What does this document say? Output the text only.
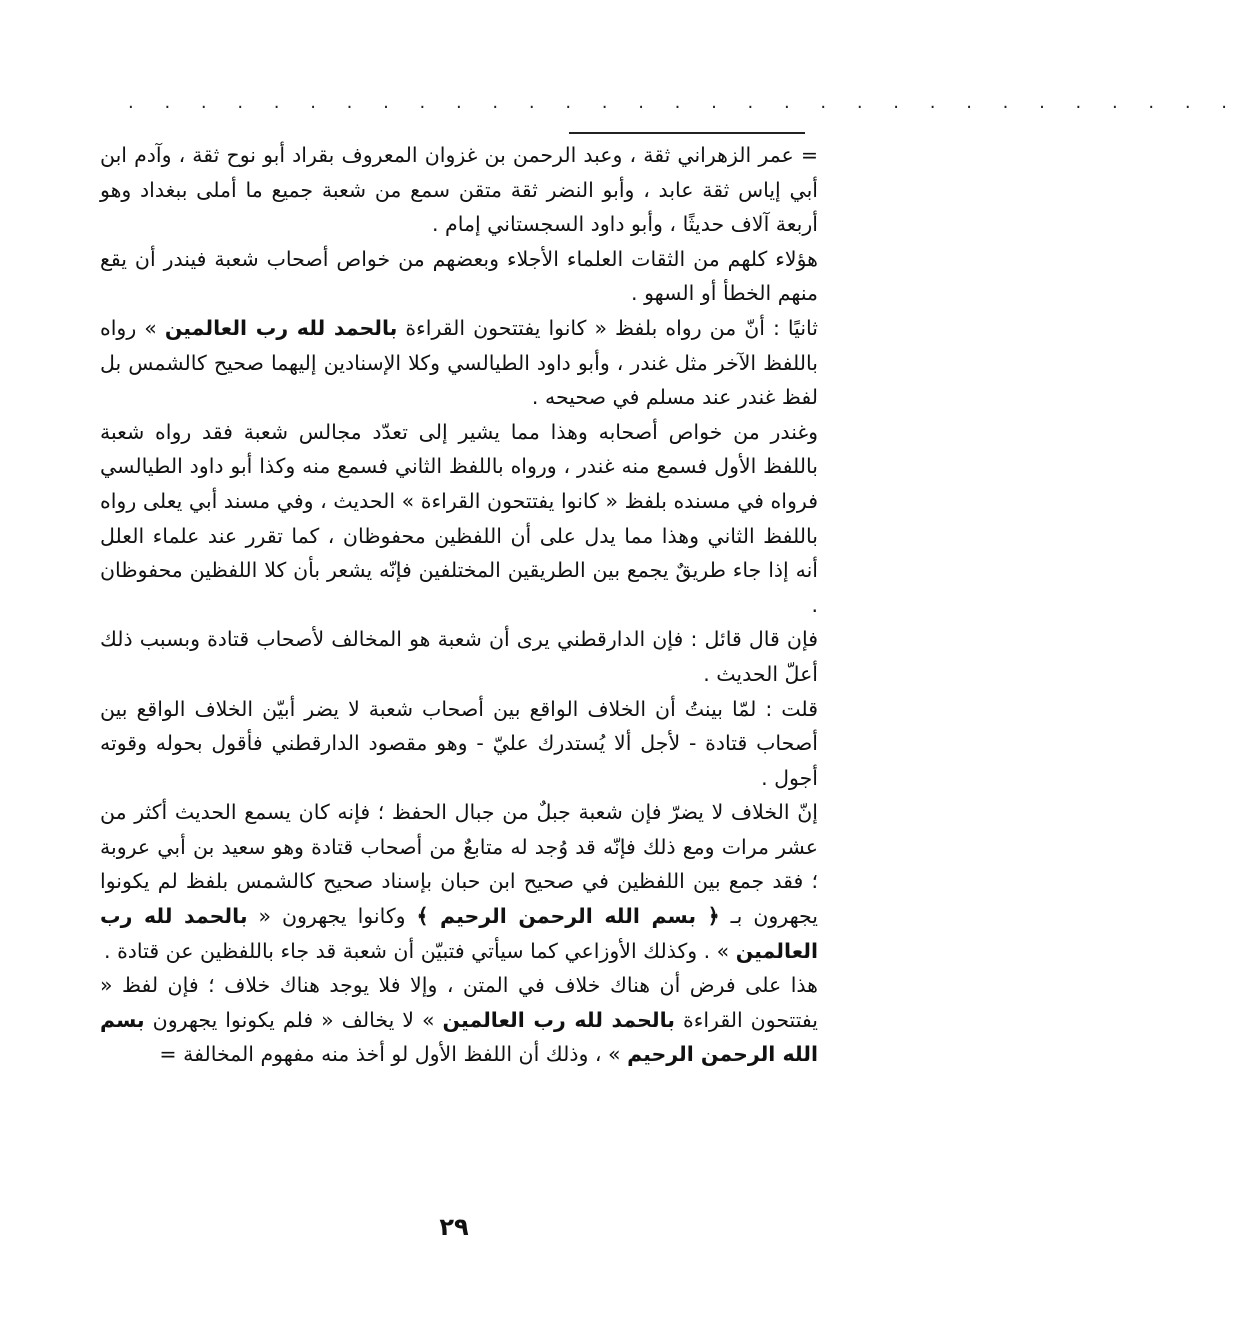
. . . . . . . . . . . . . . . . . . . . . . . . . . . . . . .

= عمر الزهراني ثقة ، وعبد الرحمن بن غزوان المعروف بقراد أبو نوح ثقة ، وآدم ابن أبي إياس ثقة عابد ، وأبو النضر ثقة متقن سمع من شعبة جميع ما أملى ببغداد وهو أربعة آلاف حديثًا ، وأبو داود السجستاني إمام .

هؤلاء كلهم من الثقات العلماء الأجلاء وبعضهم من خواص أصحاب شعبة فيندر أن يقع منهم الخطأ أو السهو .

ثانيًا : أنّ من رواه بلفظ « كانوا يفتتحون القراءة بالحمد لله رب العالمين » رواه باللفظ الآخر مثل غندر ، وأبو داود الطيالسي وكلا الإسنادين إليهما صحيح كالشمس بل لفظ غندر عند مسلم في صحيحه .

وغندر من خواص أصحابه وهذا مما يشير إلى تعدّد مجالس شعبة فقد رواه شعبة باللفظ الأول فسمع منه غندر ، ورواه باللفظ الثاني فسمع منه وكذا أبو داود الطيالسي فرواه في مسنده بلفظ « كانوا يفتتحون القراءة » الحديث ، وفي مسند أبي يعلى رواه باللفظ الثاني وهذا مما يدل على أن اللفظين محفوظان ، كما تقرر عند علماء العلل أنه إذا جاء طريقٌ يجمع بين الطريقين المختلفين فإنّه يشعر بأن كلا اللفظين محفوظان .

فإن قال قائل : فإن الدارقطني يرى أن شعبة هو المخالف لأصحاب قتادة وبسبب ذلك أعلّ الحديث .

قلت : لمّا بينتُ أن الخلاف الواقع بين أصحاب شعبة لا يضر أبيّن الخلاف الواقع بين أصحاب قتادة - لأجل ألا يُستدرك عليّ - وهو مقصود الدارقطني فأقول بحوله وقوته أجول .

إنّ الخلاف لا يضرّ فإن شعبة جبلٌ من جبال الحفظ ؛ فإنه كان يسمع الحديث أكثر من عشر مرات ومع ذلك فإنّه قد وُجد له متابعٌ من أصحاب قتادة وهو سعيد بن أبي عروبة ؛ فقد جمع بين اللفظين في صحيح ابن حبان بإسناد صحيح كالشمس بلفظ لم يكونوا يجهرون بـ ﴿ بسم الله الرحمن الرحيم ﴾ وكانوا يجهرون « بالحمد لله رب العالمين » . وكذلك الأوزاعي كما سيأتي فتبيّن أن شعبة قد جاء باللفظين عن قتادة .

هذا على فرض أن هناك خلاف في المتن ، وإلا فلا يوجد هناك خلاف ؛ فإن لفظ « يفتتحون القراءة بالحمد لله رب العالمين » لا يخالف « فلم يكونوا يجهرون بسم الله الرحمن الرحيم » ، وذلك أن اللفظ الأول لو أخذ منه مفهوم المخالفة =

٢٩
